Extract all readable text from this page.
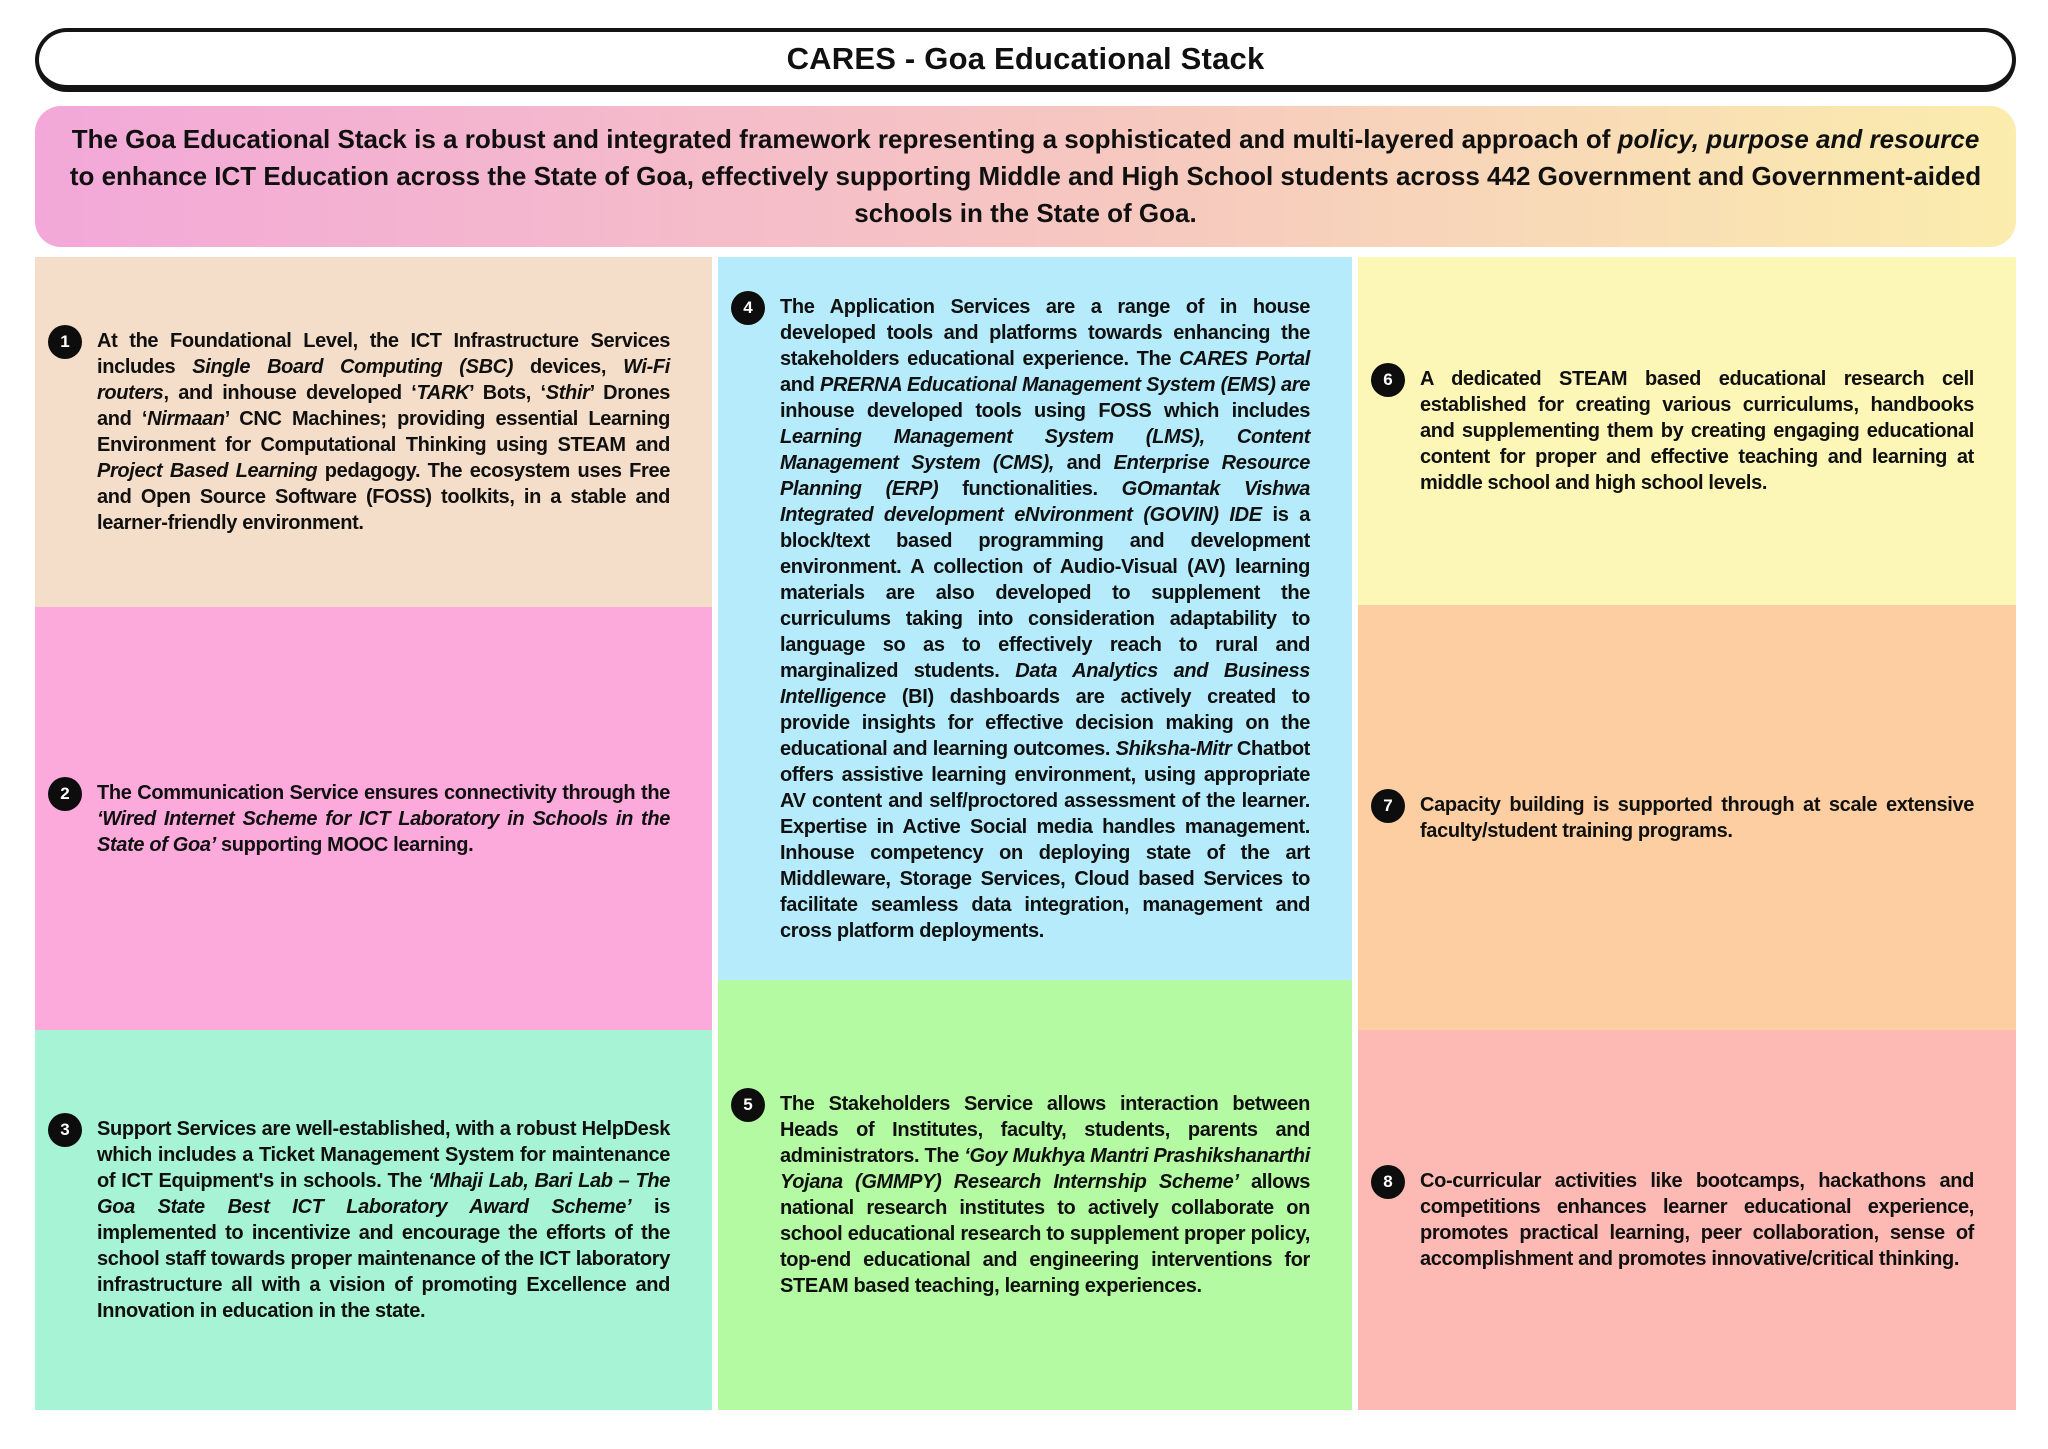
CARES - Goa Educational Stack

The Goa Educational Stack is a robust and integrated framework representing a sophisticated and multi-layered approach of policy, purpose and resource to enhance ICT Education across the State of Goa, effectively supporting Middle and High School students across 442 Government and Government-aided schools in the State of Goa.

1	At the Foundational Level, the ICT Infrastructure Services includes Single Board Computing (SBC) devices, Wi-Fi routers, and inhouse developed ‘TARK’ Bots, ‘Sthir’ Drones and ‘Nirmaan’ CNC Machines; providing essential Learning Environment for Computational Thinking using STEAM and Project Based Learning pedagogy. The ecosystem uses Free and Open Source Software (FOSS) toolkits, in a stable and learner-friendly environment.

2	The Communication Service ensures connectivity through the ‘Wired Internet Scheme for ICT Laboratory in Schools in the State of Goa’ supporting MOOC learning.

3	Support Services are well-established, with a robust HelpDesk which includes a Ticket Management System for maintenance of ICT Equipment's in schools. The ‘Mhaji Lab, Bari Lab – The Goa State Best ICT Laboratory Award Scheme’ is implemented to incentivize and encourage the efforts of the school staff towards proper maintenance of the ICT laboratory infrastructure all with a vision of promoting Excellence and Innovation in education in the state.

4	The Application Services are a range of in house developed tools and platforms towards enhancing the stakeholders educational experience. The CARES Portal and PRERNA Educational Management System (EMS) are inhouse developed tools using FOSS which includes Learning Management System (LMS), Content Management System (CMS), and Enterprise Resource Planning (ERP) functionalities. GOmantak Vishwa Integrated development eNvironment (GOVIN) IDE is a block/text based programming and development environment. A collection of Audio-Visual (AV) learning materials are also developed to supplement the curriculums taking into consideration adaptability to language so as to effectively reach to rural and marginalized students. Data Analytics and Business Intelligence (BI) dashboards are actively created to provide insights for effective decision making on the educational and learning outcomes. Shiksha-Mitr Chatbot offers assistive learning environment, using appropriate AV content and self/proctored assessment of the learner. Expertise in Active Social media handles management. Inhouse competency on deploying state of the art Middleware, Storage Services, Cloud based Services to facilitate seamless data integration, management and cross platform deployments.

5	The Stakeholders Service allows interaction between Heads of Institutes, faculty, students, parents and administrators. The ‘Goy Mukhya Mantri Prashikshanarthi Yojana (GMMPY) Research Internship Scheme’ allows national research institutes to actively collaborate on school educational research to supplement proper policy, top-end educational and engineering interventions for STEAM based teaching, learning experiences.

6	A dedicated STEAM based educational research cell established for creating various curriculums, handbooks and supplementing them by creating engaging educational content for proper and effective teaching and learning at middle school and high school levels.

7	Capacity building is supported through at scale extensive faculty/student training programs.

8	Co-curricular activities like bootcamps, hackathons and competitions enhances learner educational experience, promotes practical learning, peer collaboration, sense of accomplishment and promotes innovative/critical thinking.
